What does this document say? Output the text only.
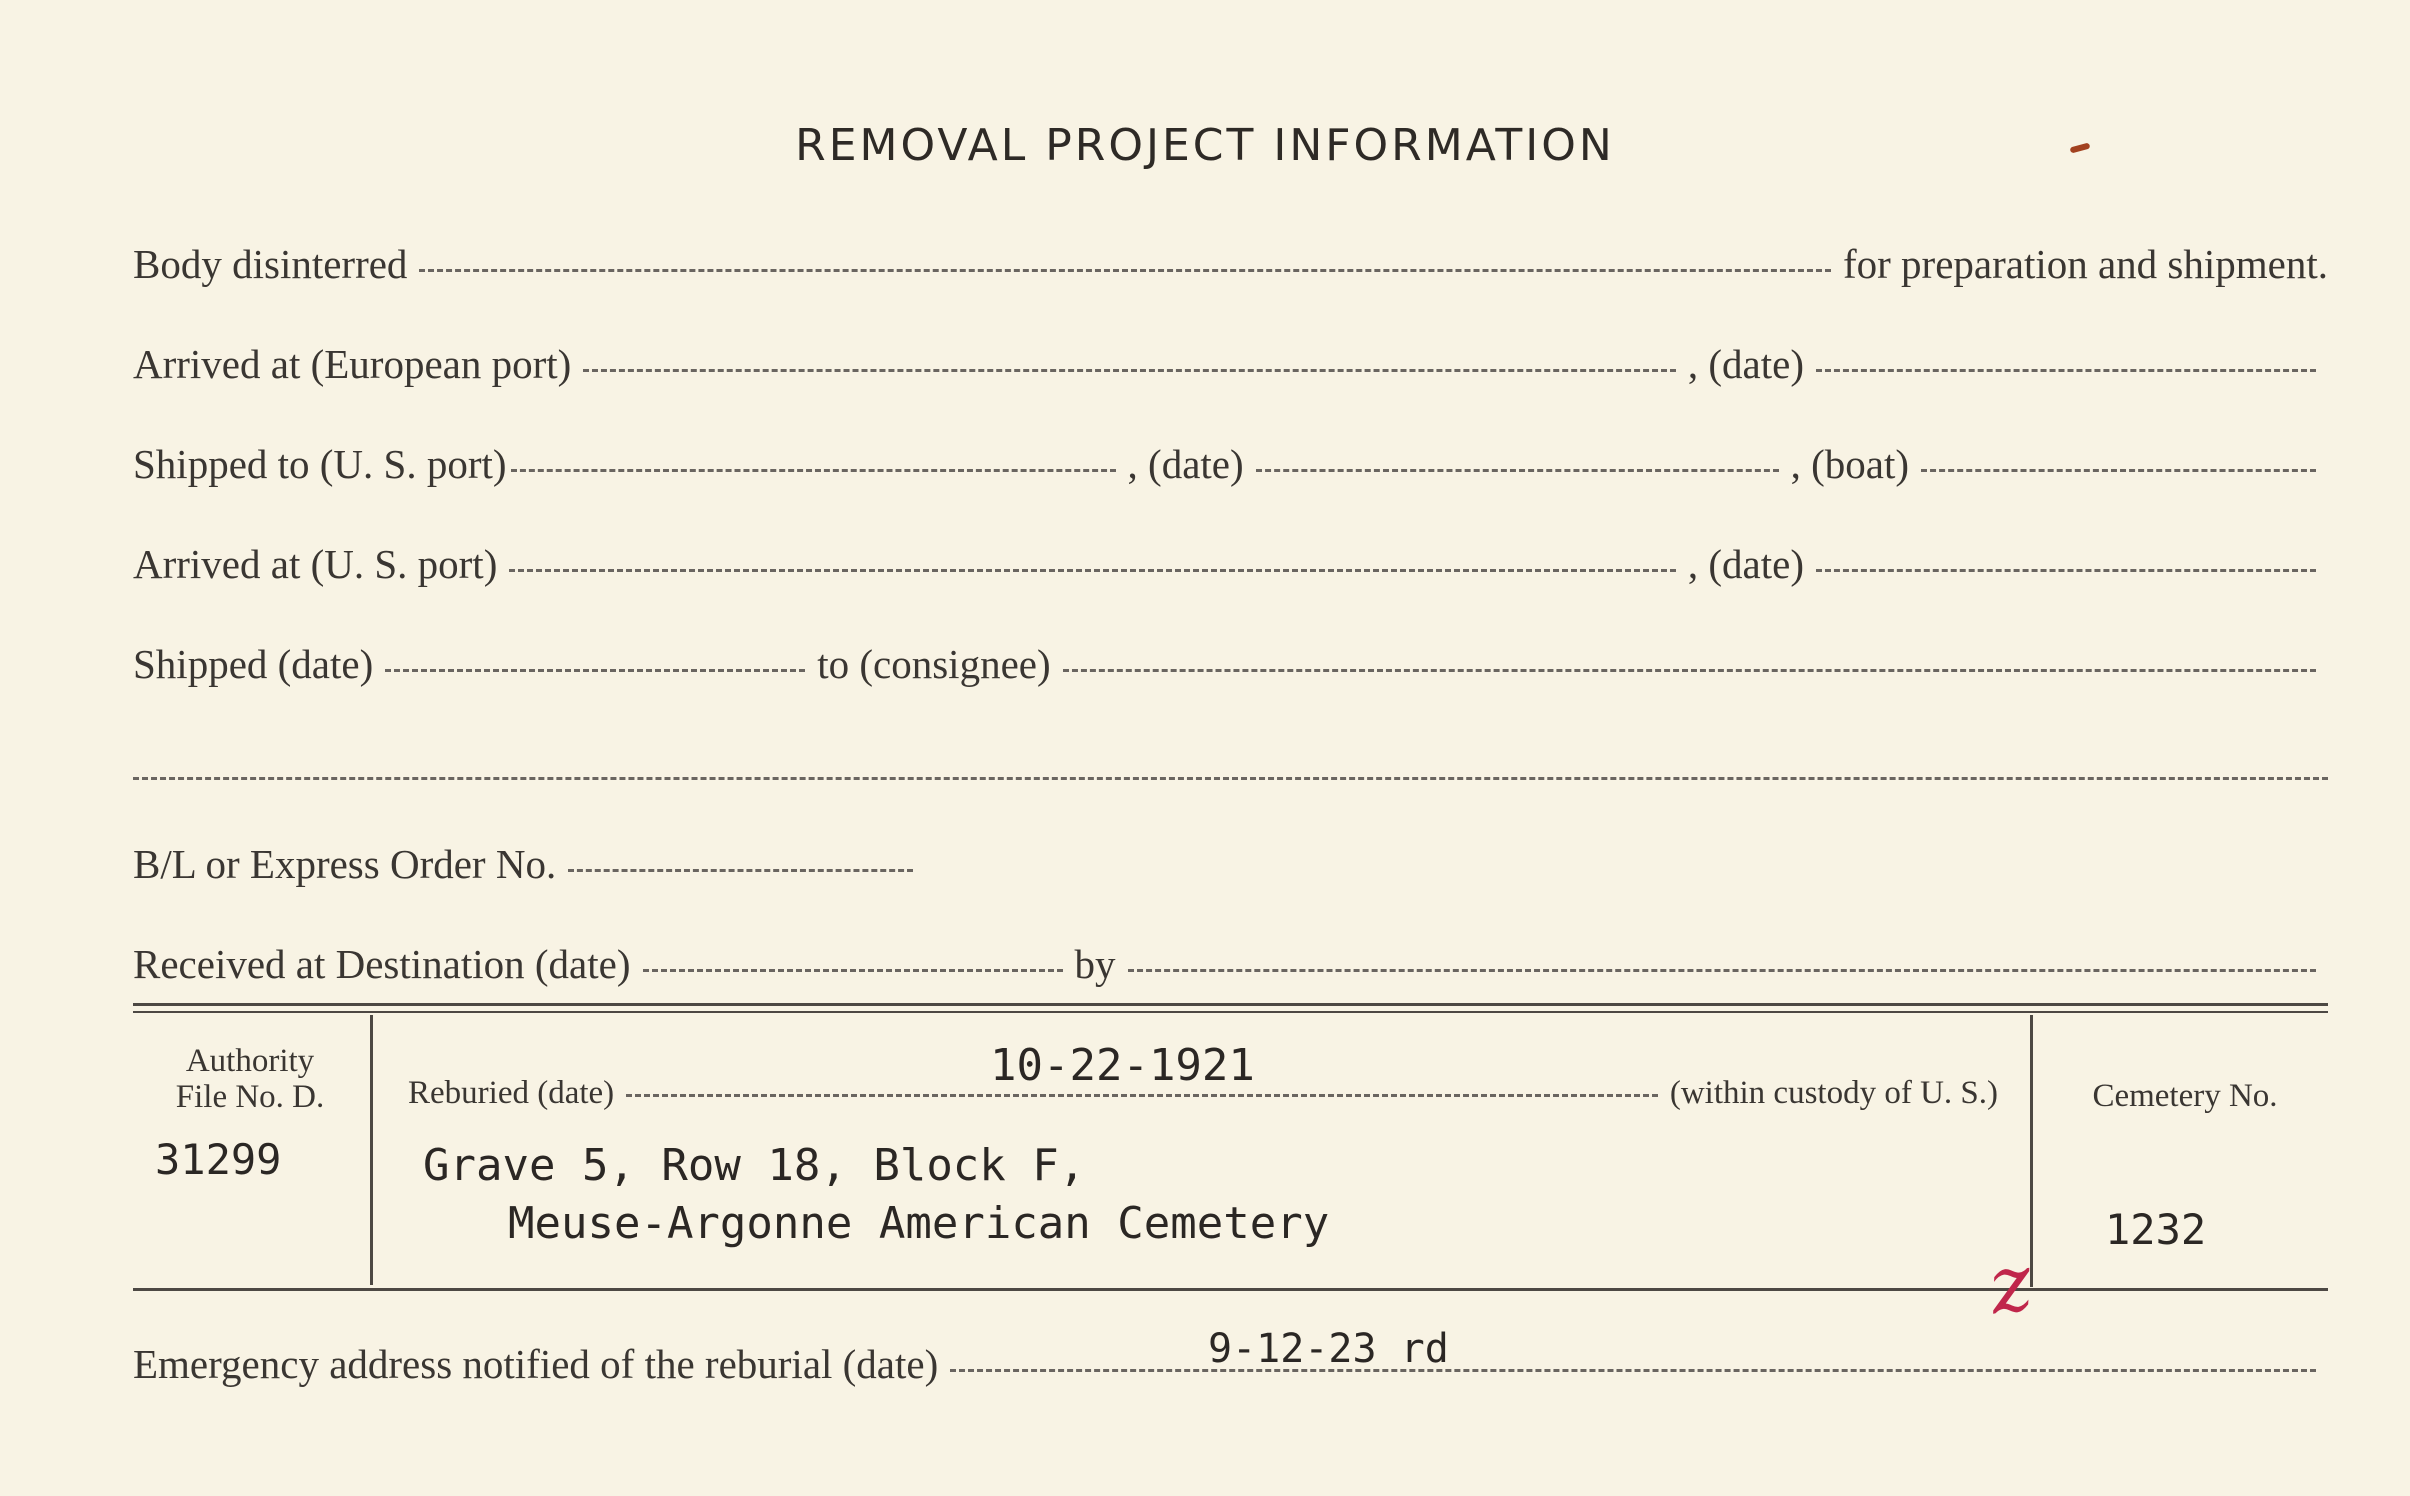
REMOVAL PROJECT INFORMATION
Body disinterred	for preparation and shipment.
Arrived at (European port)	, (date)
Shipped to (U. S. port)	, (date)	, (boat)
Arrived at (U. S. port)	, (date)
Shipped (date)	to (consignee)
B/L or Express Order No.
Received at Destination (date)	by
Authority
File No. D.
31299
Reburied (date)	(within custody of U. S.)
10-22-1921
Grave 5, Row 18, Block F,
Meuse-Argonne American Cemetery
Cemetery No.
1232
z
Emergency address notified of the reburial (date)	9-12-23 rd
